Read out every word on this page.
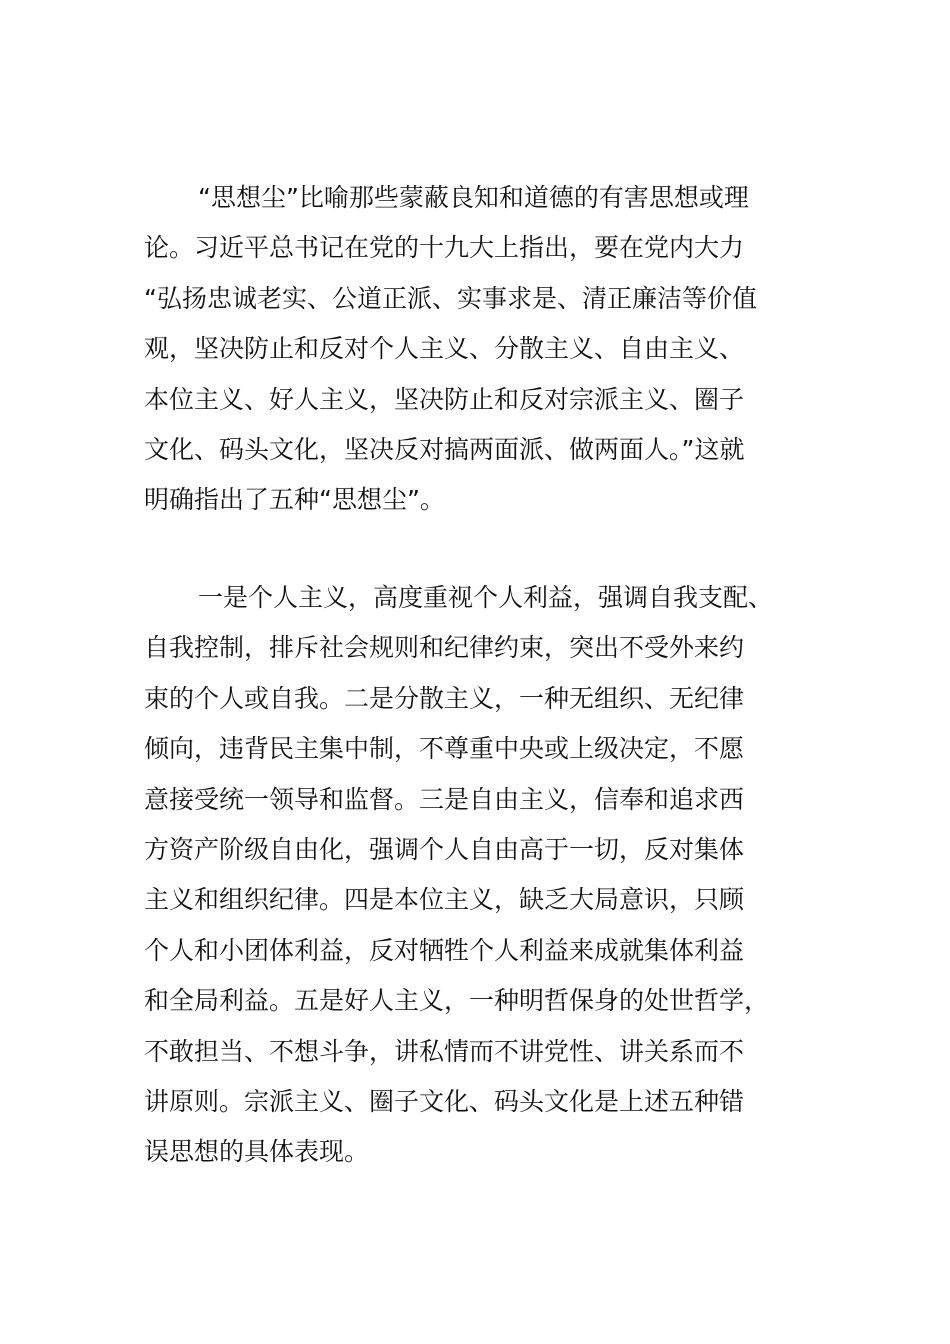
“思想尘”比喻那些蒙蔽良知和道德的有害思想或理
论。习近平总书记在党的十九大上指出，要在党内大力
“弘扬忠诚老实、公道正派、实事求是、清正廉洁等价值
观，坚决防止和反对个人主义、分散主义、自由主义、
本位主义、好人主义，坚决防止和反对宗派主义、圈子
文化、码头文化，坚决反对搞两面派、做两面人。”这就
明确指出了五种“思想尘”。
一是个人主义，高度重视个人利益，强调自我支配、
自我控制，排斥社会规则和纪律约束，突出不受外来约
束的个人或自我。二是分散主义，一种无组织、无纪律
倾向，违背民主集中制，不尊重中央或上级决定，不愿
意接受统一领导和监督。三是自由主义，信奉和追求西
方资产阶级自由化，强调个人自由高于一切，反对集体
主义和组织纪律。四是本位主义，缺乏大局意识，只顾
个人和小团体利益，反对牺牲个人利益来成就集体利益
和全局利益。五是好人主义，一种明哲保身的处世哲学，
不敢担当、不想斗争，讲私情而不讲党性、讲关系而不
讲原则。宗派主义、圈子文化、码头文化是上述五种错
误思想的具体表现。
